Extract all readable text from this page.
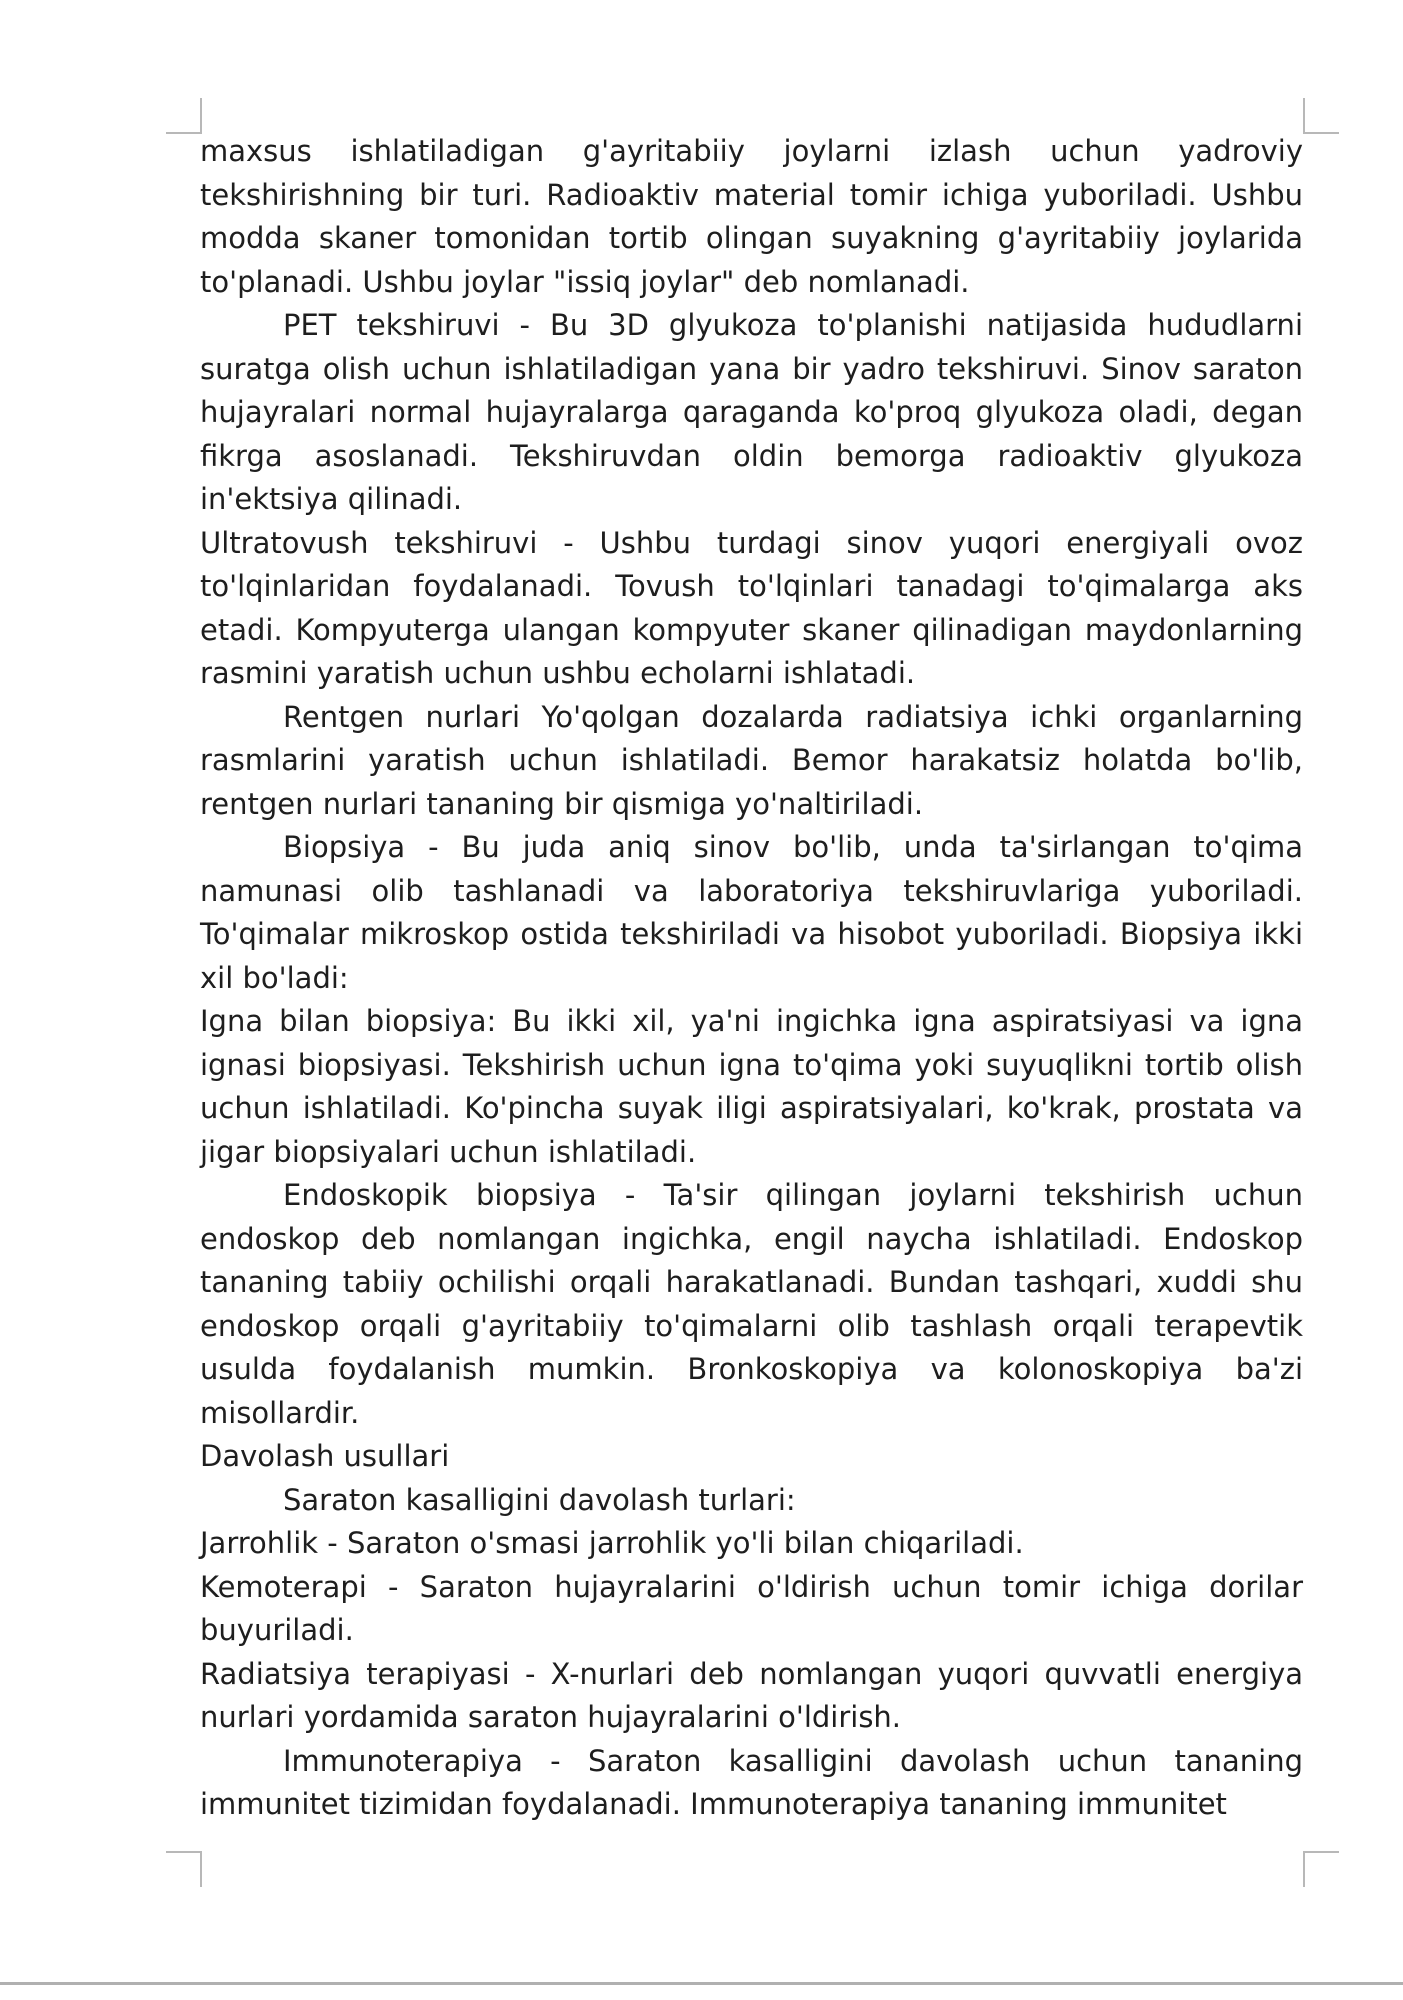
maxsus ishlatiladigan g'ayritabiiy joylarni izlash uchun yadroviy tekshirishning bir turi. Radioaktiv material tomir ichiga yuboriladi. Ushbu modda skaner tomonidan tortib olingan suyakning g'ayritabiiy joylarida to'planadi. Ushbu joylar "issiq joylar" deb nomlanadi.

PET tekshiruvi - Bu 3D glyukoza to'planishi natijasida hududlarni suratga olish uchun ishlatiladigan yana bir yadro tekshiruvi. Sinov saraton hujayralari normal hujayralarga qaraganda ko'proq glyukoza oladi, degan fikrga asoslanadi. Tekshiruvdan oldin bemorga radioaktiv glyukoza in'ektsiya qilinadi.

Ultratovush tekshiruvi - Ushbu turdagi sinov yuqori energiyali ovoz to'lqinlaridan foydalanadi. Tovush to'lqinlari tanadagi to'qimalarga aks etadi. Kompyuterga ulangan kompyuter skaner qilinadigan maydonlarning rasmini yaratish uchun ushbu echolarni ishlatadi.

Rentgen nurlari Yo'qolgan dozalarda radiatsiya ichki organlarning rasmlarini yaratish uchun ishlatiladi. Bemor harakatsiz holatda bo'lib, rentgen nurlari tananing bir qismiga yo'naltiriladi.

Biopsiya - Bu juda aniq sinov bo'lib, unda ta'sirlangan to'qima namunasi olib tashlanadi va laboratoriya tekshiruvlariga yuboriladi. To'qimalar mikroskop ostida tekshiriladi va hisobot yuboriladi. Biopsiya ikki xil bo'ladi:

Igna bilan biopsiya: Bu ikki xil, ya'ni ingichka igna aspiratsiyasi va igna ignasi biopsiyasi. Tekshirish uchun igna to'qima yoki suyuqlikni tortib olish uchun ishlatiladi. Ko'pincha suyak iligi aspiratsiyalari, ko'krak, prostata va jigar biopsiyalari uchun ishlatiladi.

Endoskopik biopsiya - Ta'sir qilingan joylarni tekshirish uchun endoskop deb nomlangan ingichka, engil naycha ishlatiladi. Endoskop tananing tabiiy ochilishi orqali harakatlanadi. Bundan tashqari, xuddi shu endoskop orqali g'ayritabiiy to'qimalarni olib tashlash orqali terapevtik usulda foydalanish mumkin. Bronkoskopiya va kolonoskopiya ba'zi misollardir.

Davolash usullari

Saraton kasalligini davolash turlari:

Jarrohlik - Saraton o'smasi jarrohlik yo'li bilan chiqariladi.

Kemoterapi - Saraton hujayralarini o'ldirish uchun tomir ichiga dorilar buyuriladi.

Radiatsiya terapiyasi - X-nurlari deb nomlangan yuqori quvvatli energiya nurlari yordamida saraton hujayralarini o'ldirish.

Immunoterapiya - Saraton kasalligini davolash uchun tananing immunitet tizimidan foydalanadi. Immunoterapiya tananing immunitet
